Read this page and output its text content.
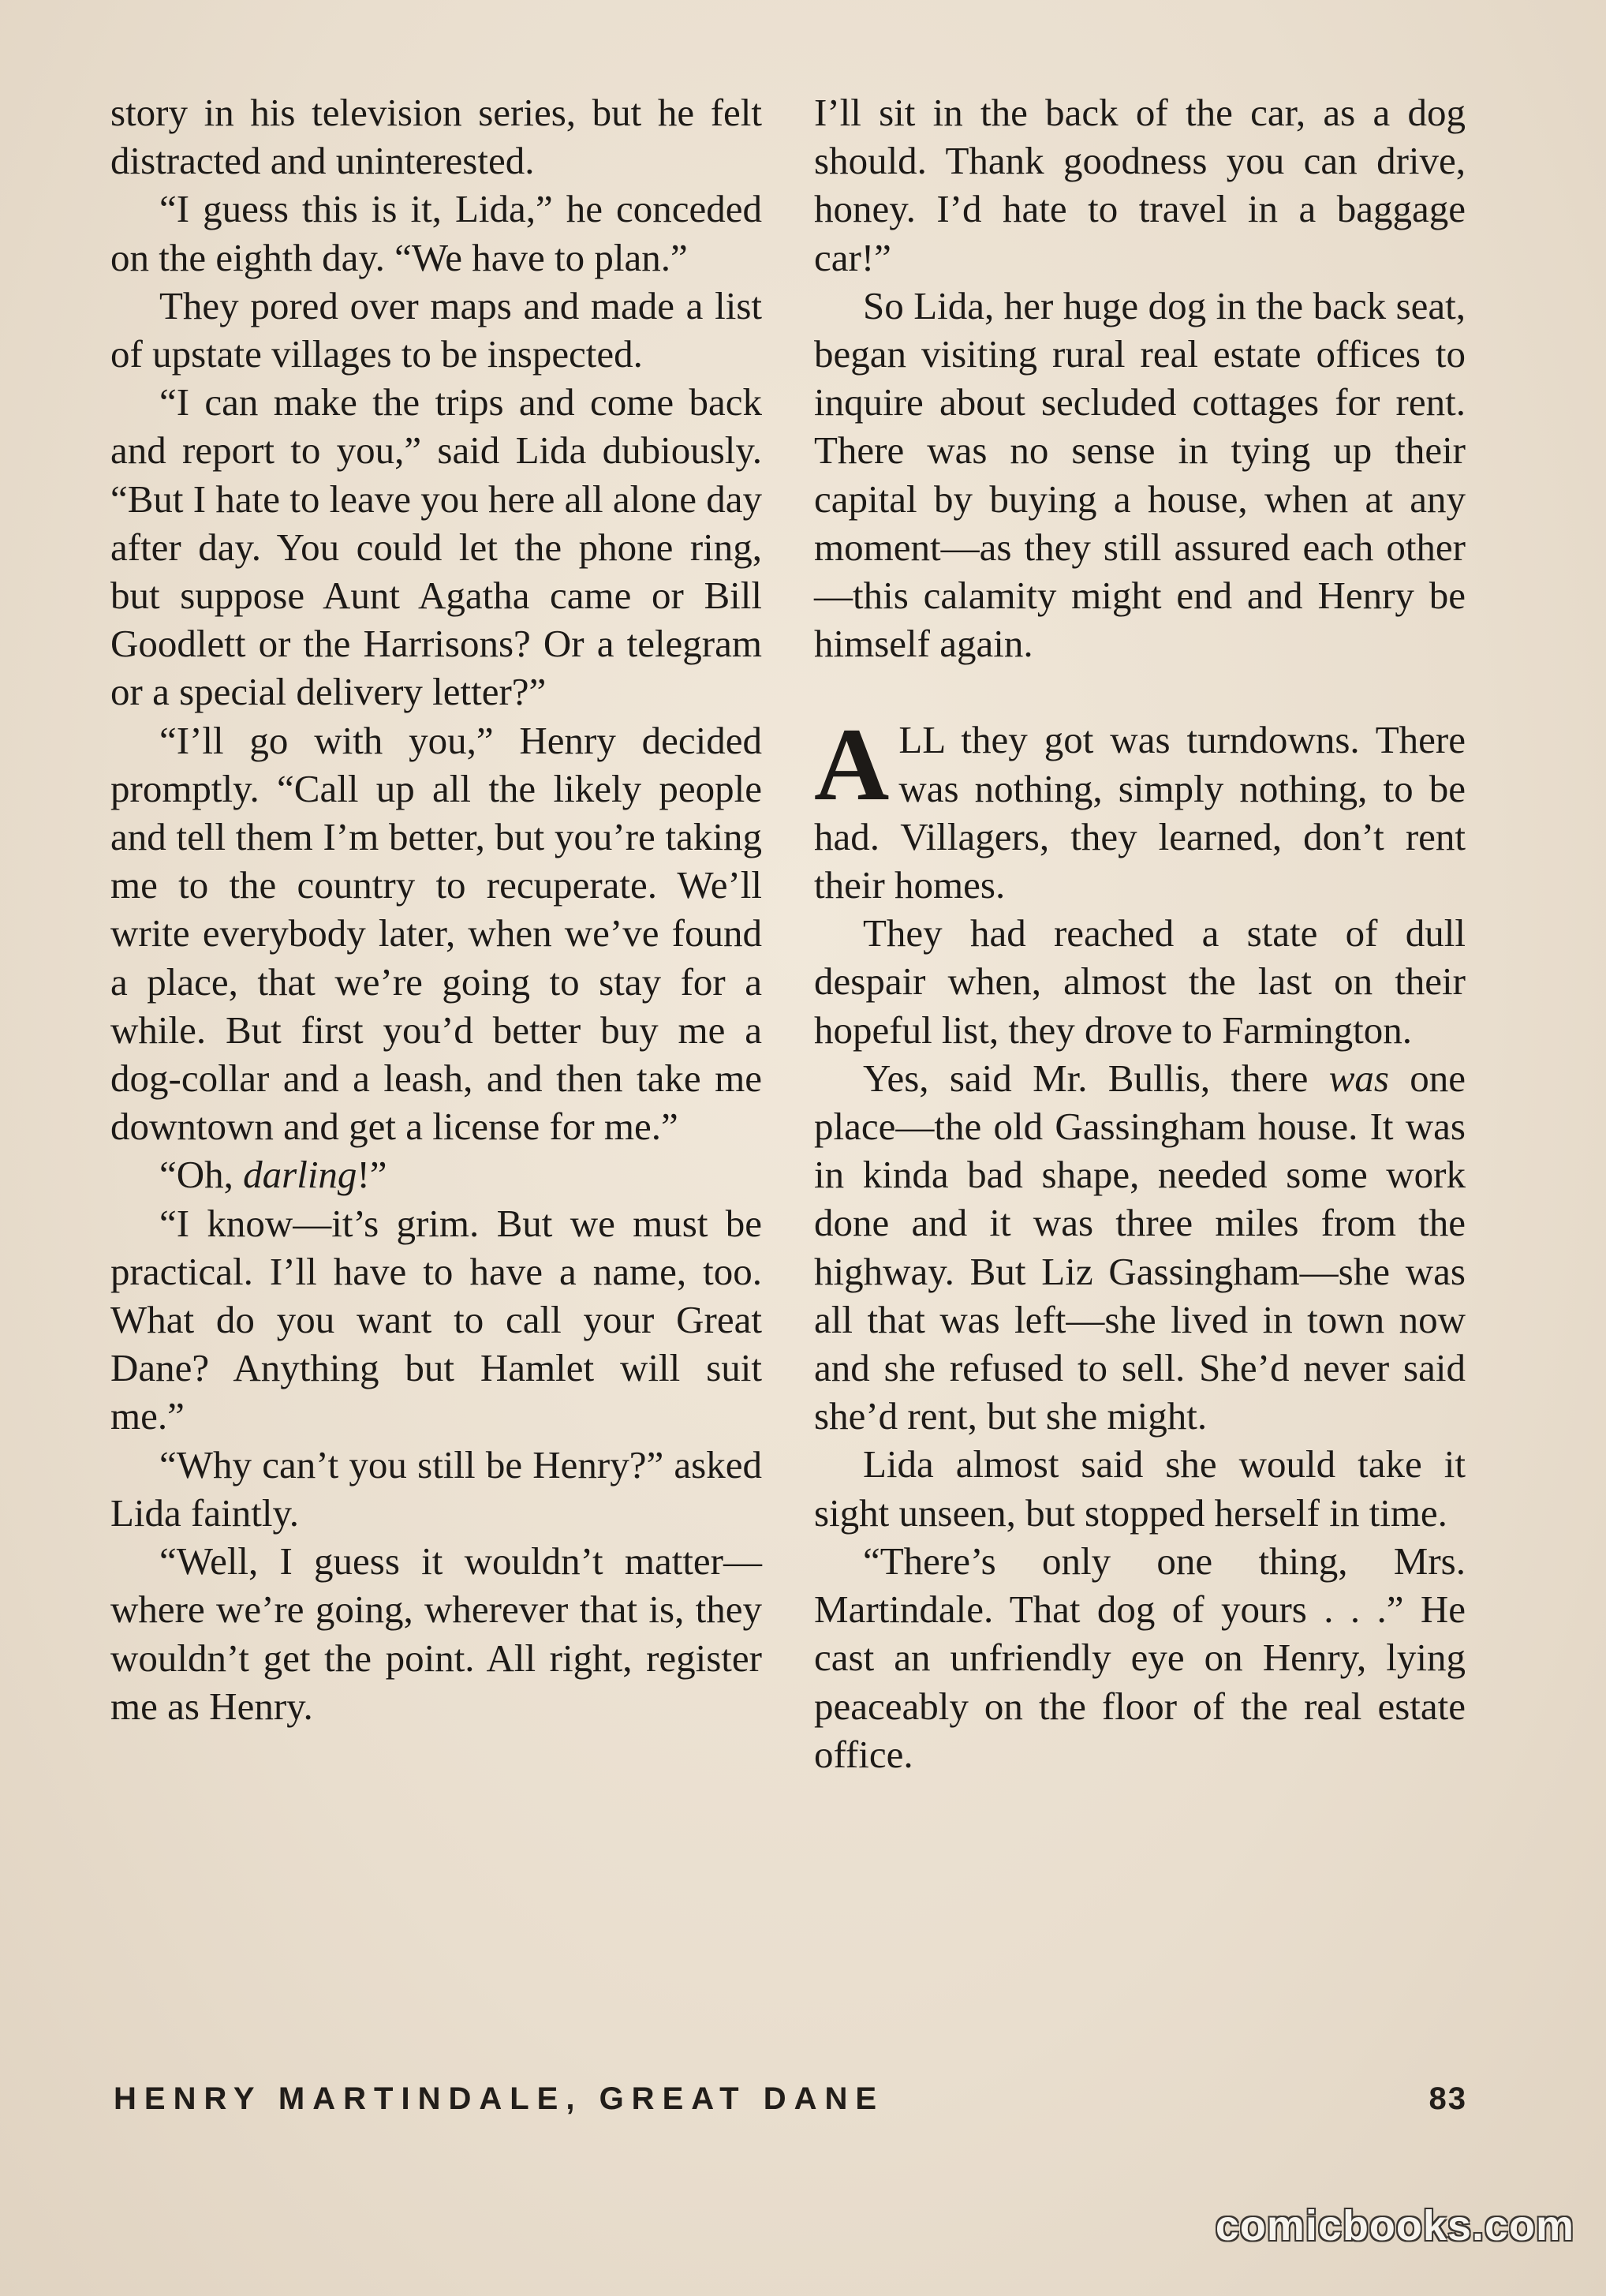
story in his television series, but he felt distracted and uninterested.

“I guess this is it, Lida,” he conceded on the eighth day. “We have to plan.”

They pored over maps and made a list of upstate villages to be inspected.

“I can make the trips and come back and report to you,” said Lida dubiously. “But I hate to leave you here all alone day after day. You could let the phone ring, but suppose Aunt Agatha came or Bill Goodlett or the Harrisons? Or a telegram or a special delivery letter?”

“I’ll go with you,” Henry decided promptly. “Call up all the likely people and tell them I’m better, but you’re taking me to the country to recuperate. We’ll write everybody later, when we’ve found a place, that we’re going to stay for a while. But first you’d better buy me a dog-collar and a leash, and then take me downtown and get a license for me.”

“Oh, darling!”

“I know—it’s grim. But we must be practical. I’ll have to have a name, too. What do you want to call your Great Dane? Anything but Hamlet will suit me.”

“Why can’t you still be Henry?” asked Lida faintly.

“Well, I guess it wouldn’t matter—where we’re going, wherever that is, they wouldn’t get the point. All right, register me as Henry.

I’ll sit in the back of the car, as a dog should. Thank goodness you can drive, honey. I’d hate to travel in a baggage car!”

So Lida, her huge dog in the back seat, began visiting rural real estate offices to inquire about secluded cottages for rent. There was no sense in tying up their capital by buying a house, when at any moment—as they still assured each other—this calamity might end and Henry be himself again.

ALL they got was turndowns. There was nothing, simply nothing, to be had. Villagers, they learned, don’t rent their homes.

They had reached a state of dull despair when, almost the last on their hopeful list, they drove to Farmington.

Yes, said Mr. Bullis, there was one place—the old Gassingham house. It was in kinda bad shape, needed some work done and it was three miles from the highway. But Liz Gassingham—she was all that was left—she lived in town now and she refused to sell. She’d never said she’d rent, but she might.

Lida almost said she would take it sight unseen, but stopped herself in time.

“There’s only one thing, Mrs. Martindale. That dog of yours . . .” He cast an unfriendly eye on Henry, lying peaceably on the floor of the real estate office.

HENRY MARTINDALE, GREAT DANE	83
comicbooks.com
